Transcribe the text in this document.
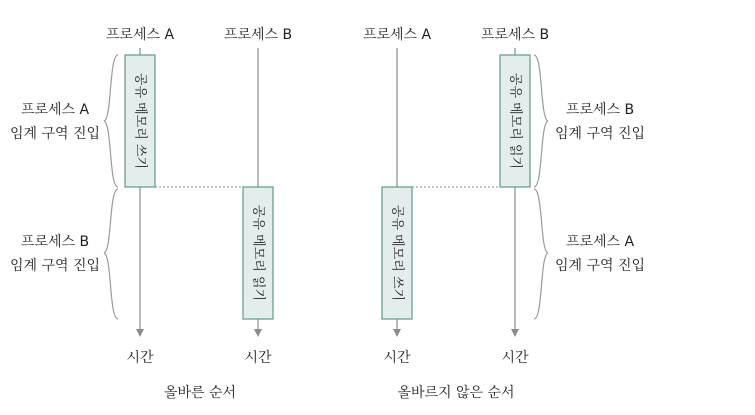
프로세스 A	프로세스 B
공유 메모리 쓰기
공유 메모리 읽기
프로세스 A
임계 구역 진입
프로세스 B
임계 구역 진입
시간	시간
올바른 순서
프로세스 A	프로세스 B
공유 메모리 읽기
공유 메모리 쓰기
프로세스 B
임계 구역 진입
프로세스 A
임계 구역 진입
시간	시간
올바르지 않은 순서
